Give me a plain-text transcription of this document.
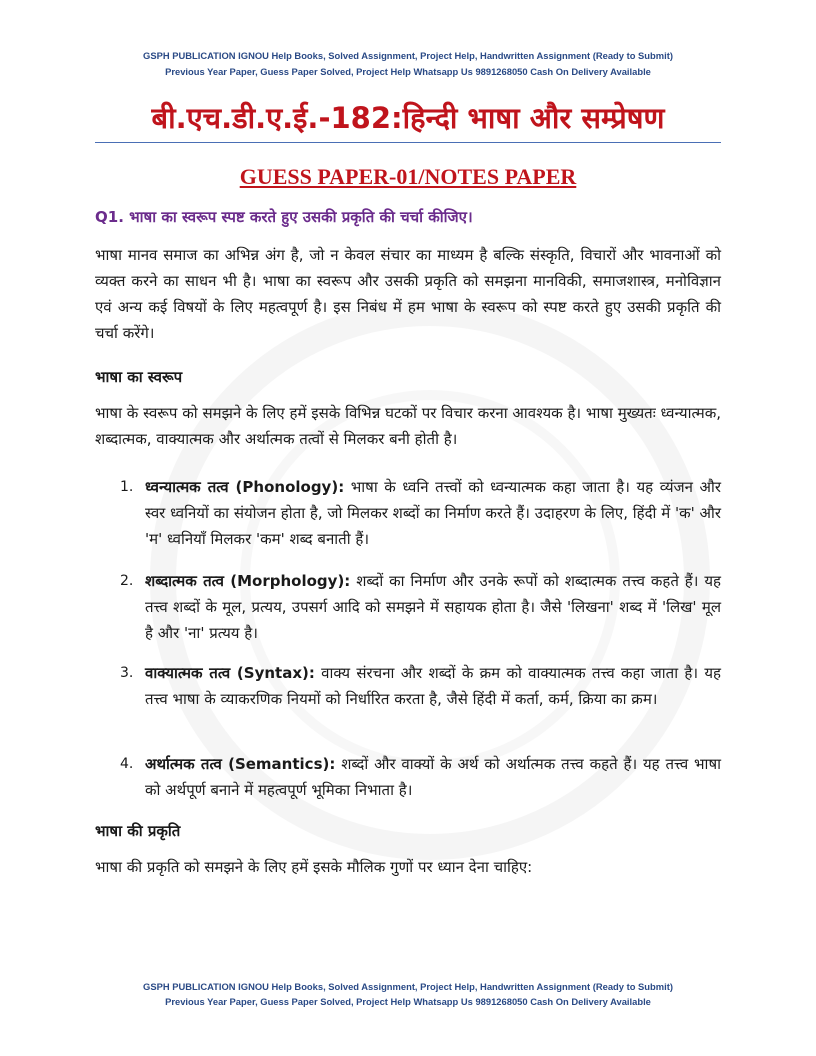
GSPH PUBLICATION IGNOU Help Books, Solved Assignment, Project Help, Handwritten Assignment (Ready to Submit)
Previous Year Paper, Guess Paper Solved, Project Help Whatsapp Us 9891268050 Cash On Delivery Available
बी.एच.डी.ए.ई.-182:हिन्दी भाषा और सम्प्रेषण
GUESS PAPER-01/NOTES PAPER
Q1. भाषा का स्वरूप स्पष्ट करते हुए उसकी प्रकृति की चर्चा कीजिए।

भाषा मानव समाज का अभिन्न अंग है, जो न केवल संचार का माध्यम है बल्कि संस्कृति, विचारों और भावनाओं को व्यक्त करने का साधन भी है। भाषा का स्वरूप और उसकी प्रकृति को समझना मानविकी, समाजशास्त्र, मनोविज्ञान एवं अन्य कई विषयों के लिए महत्वपूर्ण है। इस निबंध में हम भाषा के स्वरूप को स्पष्ट करते हुए उसकी प्रकृति की चर्चा करेंगे।

भाषा का स्वरूप

भाषा के स्वरूप को समझने के लिए हमें इसके विभिन्न घटकों पर विचार करना आवश्यक है। भाषा मुख्यतः ध्वन्यात्मक, शब्दात्मक, वाक्यात्मक और अर्थात्मक तत्वों से मिलकर बनी होती है।

1. ध्वन्यात्मक तत्व (Phonology): भाषा के ध्वनि तत्त्वों को ध्वन्यात्मक कहा जाता है। यह व्यंजन और स्वर ध्वनियों का संयोजन होता है, जो मिलकर शब्दों का निर्माण करते हैं। उदाहरण के लिए, हिंदी में 'क' और 'म' ध्वनियाँ मिलकर 'कम' शब्द बनाती हैं।

2. शब्दात्मक तत्व (Morphology): शब्दों का निर्माण और उनके रूपों को शब्दात्मक तत्त्व कहते हैं। यह तत्त्व शब्दों के मूल, प्रत्यय, उपसर्ग आदि को समझने में सहायक होता है। जैसे 'लिखना' शब्द में 'लिख' मूल है और 'ना' प्रत्यय है।

3. वाक्यात्मक तत्व (Syntax): वाक्य संरचना और शब्दों के क्रम को वाक्यात्मक तत्त्व कहा जाता है। यह तत्त्व भाषा के व्याकरणिक नियमों को निर्धारित करता है, जैसे हिंदी में कर्ता, कर्म, क्रिया का क्रम।

4. अर्थात्मक तत्व (Semantics): शब्दों और वाक्यों के अर्थ को अर्थात्मक तत्त्व कहते हैं। यह तत्त्व भाषा को अर्थपूर्ण बनाने में महत्वपूर्ण भूमिका निभाता है।

भाषा की प्रकृति

भाषा की प्रकृति को समझने के लिए हमें इसके मौलिक गुणों पर ध्यान देना चाहिए:

GSPH PUBLICATION IGNOU Help Books, Solved Assignment, Project Help, Handwritten Assignment (Ready to Submit)
Previous Year Paper, Guess Paper Solved, Project Help Whatsapp Us 9891268050 Cash On Delivery Available
